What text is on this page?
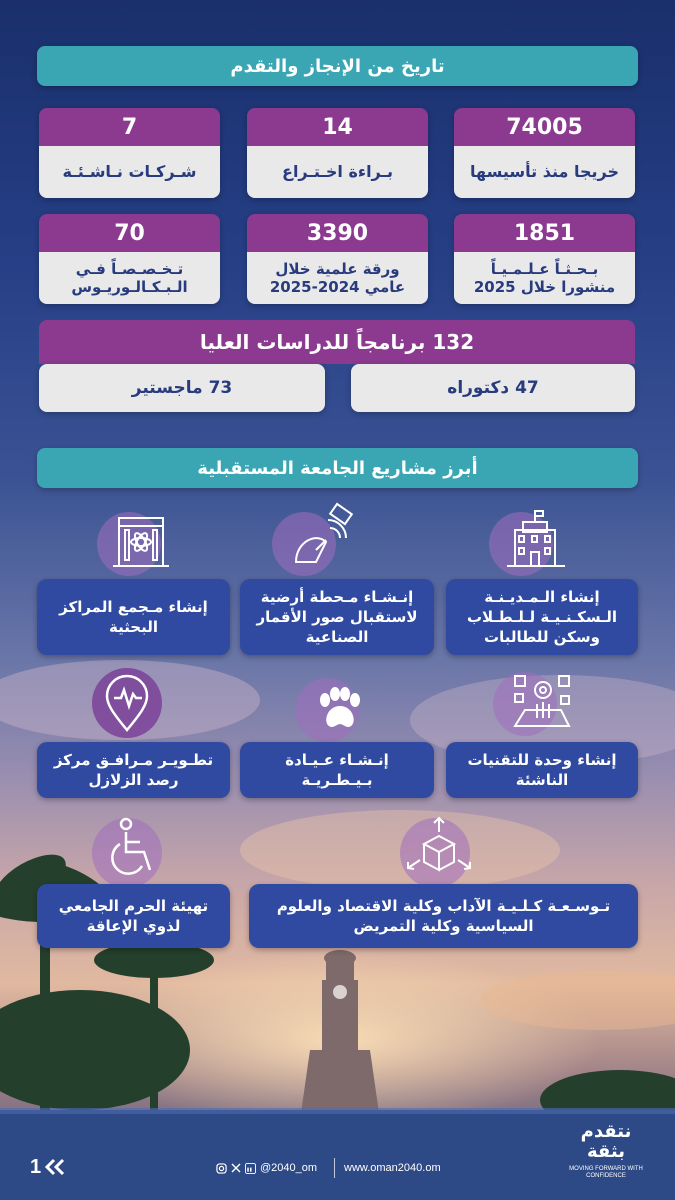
تاريخ من الإنجاز والتقدم
74005
خريجا منذ تأسيسها
14
بـراءة اخـتـراع
7
شـركـات نـاشـئـة
1851
بـحـثـاً عـلـمـيـاً منشورا خلال 2025
3390
ورقة علمية خلال عامي 2024-2025
70
تـخـصـصـاً فـي الـبـكـالـوريـوس
132 برنامجاً للدراسات العليا
47 دكتوراه
73 ماجستير
أبرز مشاريع الجامعة المستقبلية
إنشاء الـمـديـنـة الـسكـنـيـة لـلـطـلاب وسكن للطالبات
إنـشـاء مـحطة أرضية لاستقبال صور الأقمار الصناعية
إنشاء مـجمع المراكز البحثية
إنشاء وحدة للتقنيات الناشئة
إنـشـاء عـيـادة بـيـطـريـة
تطـويـر مـرافـق مركز رصد الزلازل
تـوسـعـة كـلـيـة الآداب وكلية الاقتصاد والعلوم السياسية وكلية التمريض
تهيئة الحرم الجامعي لذوي الإعاقة
1	@2040_om www.oman2040.om
نتقدم بثقة
MOVING FORWARD WITH CONFIDENCE
